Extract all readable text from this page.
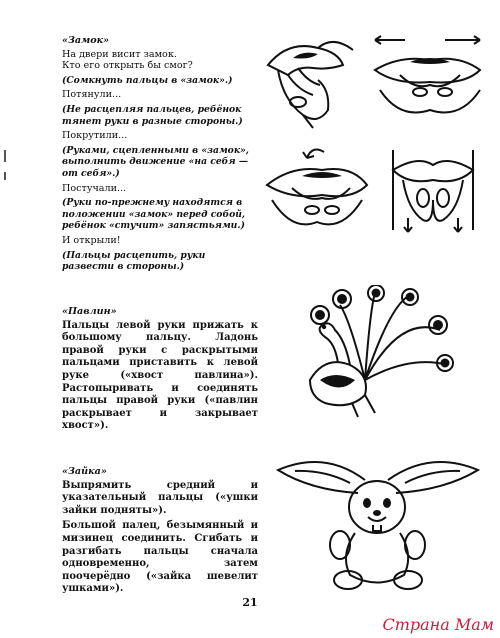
«Замок»

На двери висит замок.
Кто его открыть бы смог?

(Сомкнуть пальцы в «замок».)

Потянули...

(Не расцепляя пальцев, ребёнок тянет руки в разные стороны.)

Покрутили...

(Руками, сцепленными в «замок», выполнить движение «на себя — от себя».)

Постучали...

(Руки по-прежнему находятся в положении «замок» перед собой, ребёнок «стучит» запястьями.)

И открыли!

(Пальцы расцепить, руки развести в стороны.)

«Павлин»

Пальцы левой руки прижать к большому пальцу. Ладонь правой руки с раскрытыми пальцами приставить к левой руке («хвост павлина»). Растопыривать и соединять пальцы правой руки («павлин раскрывает и закрывает хвост»).

«Зайка»

Выпрямить средний и указательный пальцы («ушки зайки подняты»).

Большой палец, безымянный и мизинец соединить. Сгибать и разгибать пальцы сначала одновременно, затем поочерёдно («зайка шевелит ушками»).

21
Страна Мам
